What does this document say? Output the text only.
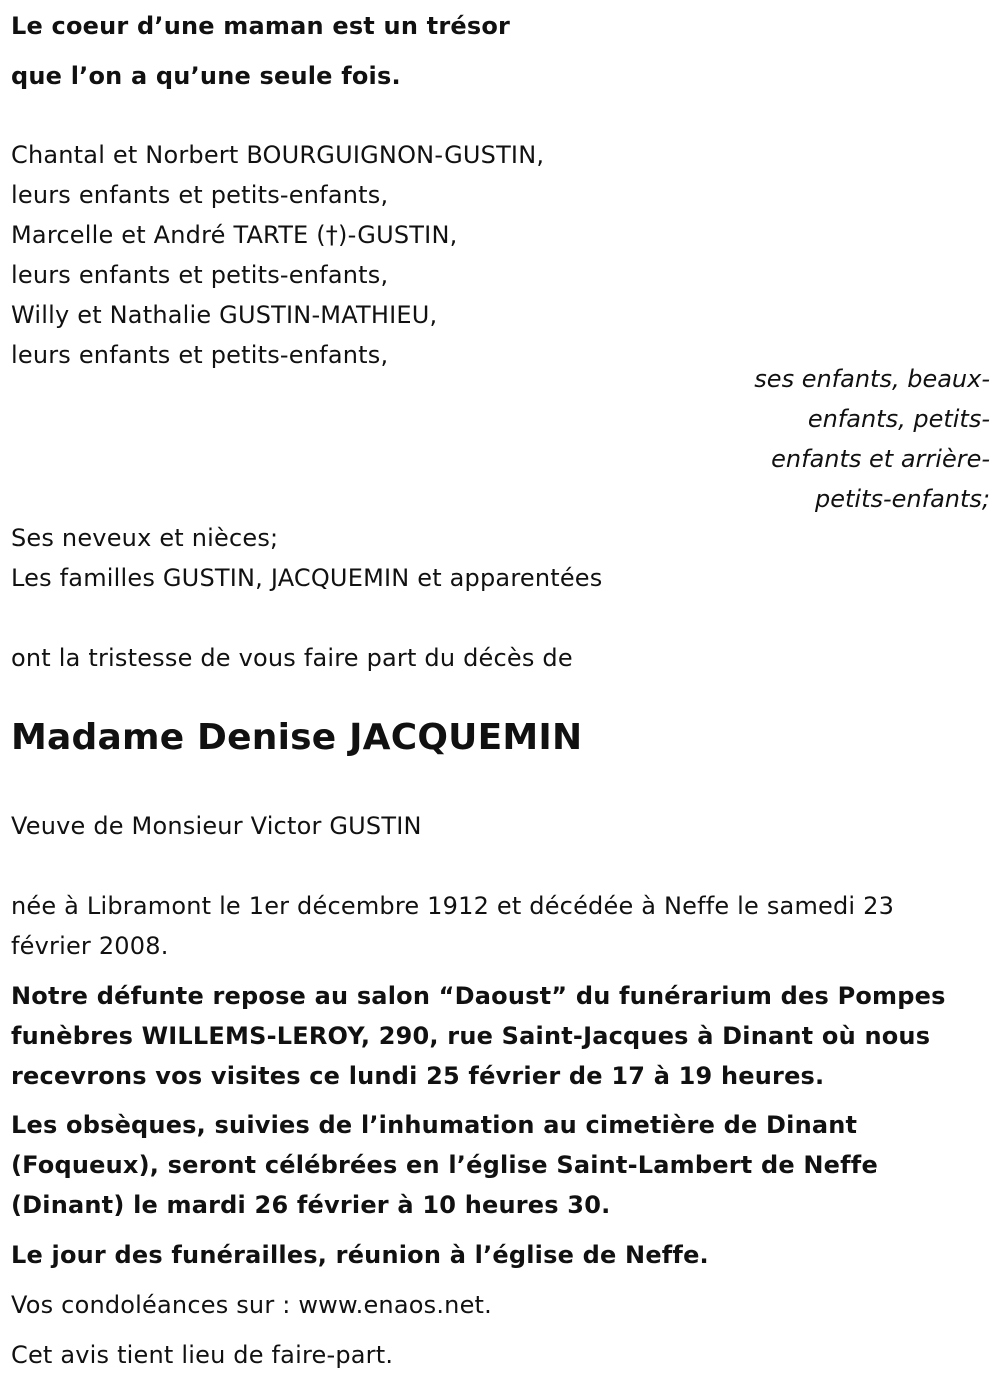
Le coeur d’une maman est un trésor
que l’on a qu’une seule fois.
Chantal et Norbert BOURGUIGNON-GUSTIN,
leurs enfants et petits-enfants,
Marcelle et André TARTE (†)-GUSTIN,
leurs enfants et petits-enfants,
Willy et Nathalie GUSTIN-MATHIEU,
leurs enfants et petits-enfants,
ses enfants, beaux-
enfants, petits-
enfants et arrière-
petits-enfants;
Ses neveux et nièces;
Les familles GUSTIN, JACQUEMIN et apparentées
ont la tristesse de vous faire part du décès de
Madame Denise JACQUEMIN
Veuve de Monsieur Victor GUSTIN
née à Libramont le 1er décembre 1912 et décédée à Neffe le samedi 23
février 2008.
Notre défunte repose au salon “Daoust” du funérarium des Pompes
funèbres WILLEMS-LEROY, 290, rue Saint-Jacques à Dinant où nous
recevrons vos visites ce lundi 25 février de 17 à 19 heures.
Les obsèques, suivies de l’inhumation au cimetière de Dinant
(Foqueux), seront célébrées en l’église Saint-Lambert de Neffe
(Dinant) le mardi 26 février à 10 heures 30.
Le jour des funérailles, réunion à l’église de Neffe.
Vos condoléances sur : www.enaos.net.
Cet avis tient lieu de faire-part.
